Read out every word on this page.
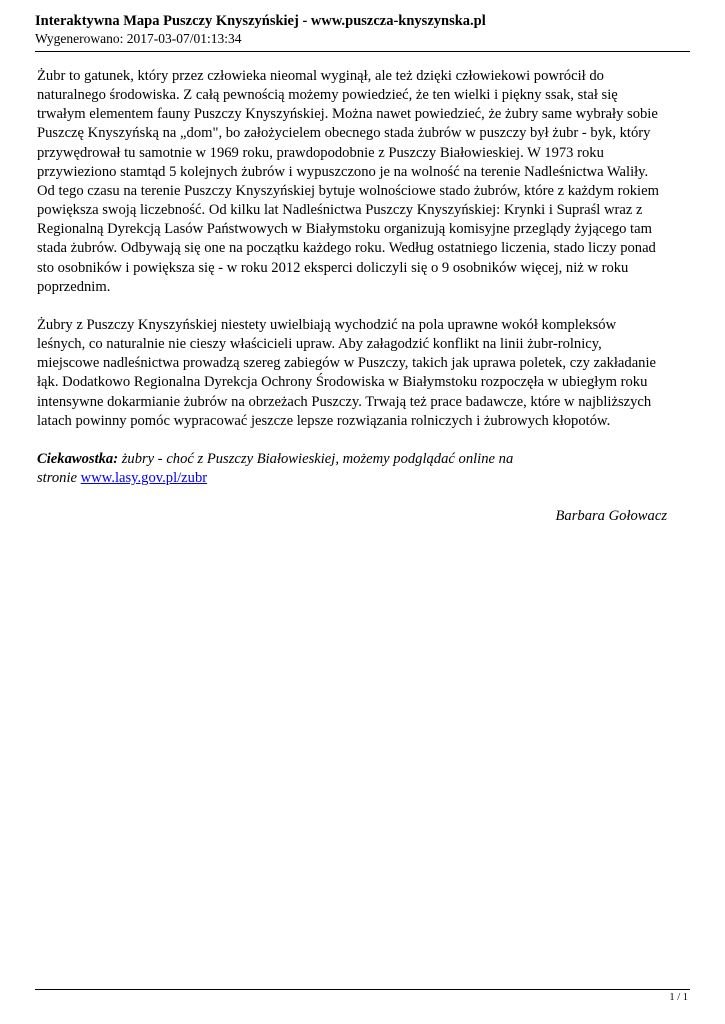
Interaktywna Mapa Puszczy Knyszyńskiej - www.puszcza-knyszynska.pl

Wygenerowano: 2017-03-07/01:13:34

Żubr to gatunek, który przez człowieka nieomal wyginął, ale też dzięki człowiekowi powrócił do naturalnego środowiska. Z całą pewnością możemy powiedzieć, że ten wielki i piękny ssak, stał się trwałym elementem fauny Puszczy Knyszyńskiej. Można nawet powiedzieć, że żubry same wybrały sobie Puszczę Knyszyńską na „dom", bo założycielem obecnego stada żubrów w puszczy był żubr - byk, który przywędrował tu samotnie w 1969 roku, prawdopodobnie z Puszczy Białowieskiej. W 1973 roku przywieziono stamtąd 5 kolejnych żubrów i wypuszczono je na wolność na terenie Nadleśnictwa Waliły. Od tego czasu na terenie Puszczy Knyszyńskiej bytuje wolnościowe stado żubrów, które z każdym rokiem powiększa swoją liczebność. Od kilku lat Nadleśnictwa Puszczy Knyszyńskiej: Krynki i Supraśl wraz z Regionalną Dyrekcją Lasów Państwowych w Białymstoku organizują komisyjne przeglądy żyjącego tam stada żubrów. Odbywają się one na początku każdego roku. Według ostatniego liczenia, stado liczy ponad sto osobników i powiększa się - w roku 2012 eksperci doliczyli się o 9 osobników więcej, niż w roku poprzednim.

Żubry z Puszczy Knyszyńskiej niestety uwielbiają wychodzić na pola uprawne wokół kompleksów leśnych, co naturalnie nie cieszy właścicieli upraw. Aby załagodzić konflikt na linii żubr-rolnicy, miejscowe nadleśnictwa prowadzą szereg zabiegów w Puszczy, takich jak uprawa poletek, czy zakładanie łąk. Dodatkowo Regionalna Dyrekcja Ochrony Środowiska w Białymstoku rozpoczęła w ubiegłym roku intensywne dokarmianie żubrów na obrzeżach Puszczy. Trwają też prace badawcze, które w najbliższych latach powinny pomóc wypracować jeszcze lepsze rozwiązania rolniczych i żubrowych kłopotów.

Ciekawostka: żubry - choć z Puszczy Białowieskiej, możemy podglądać online na stronie www.lasy.gov.pl/zubr

Barbara Gołowacz

1 / 1
